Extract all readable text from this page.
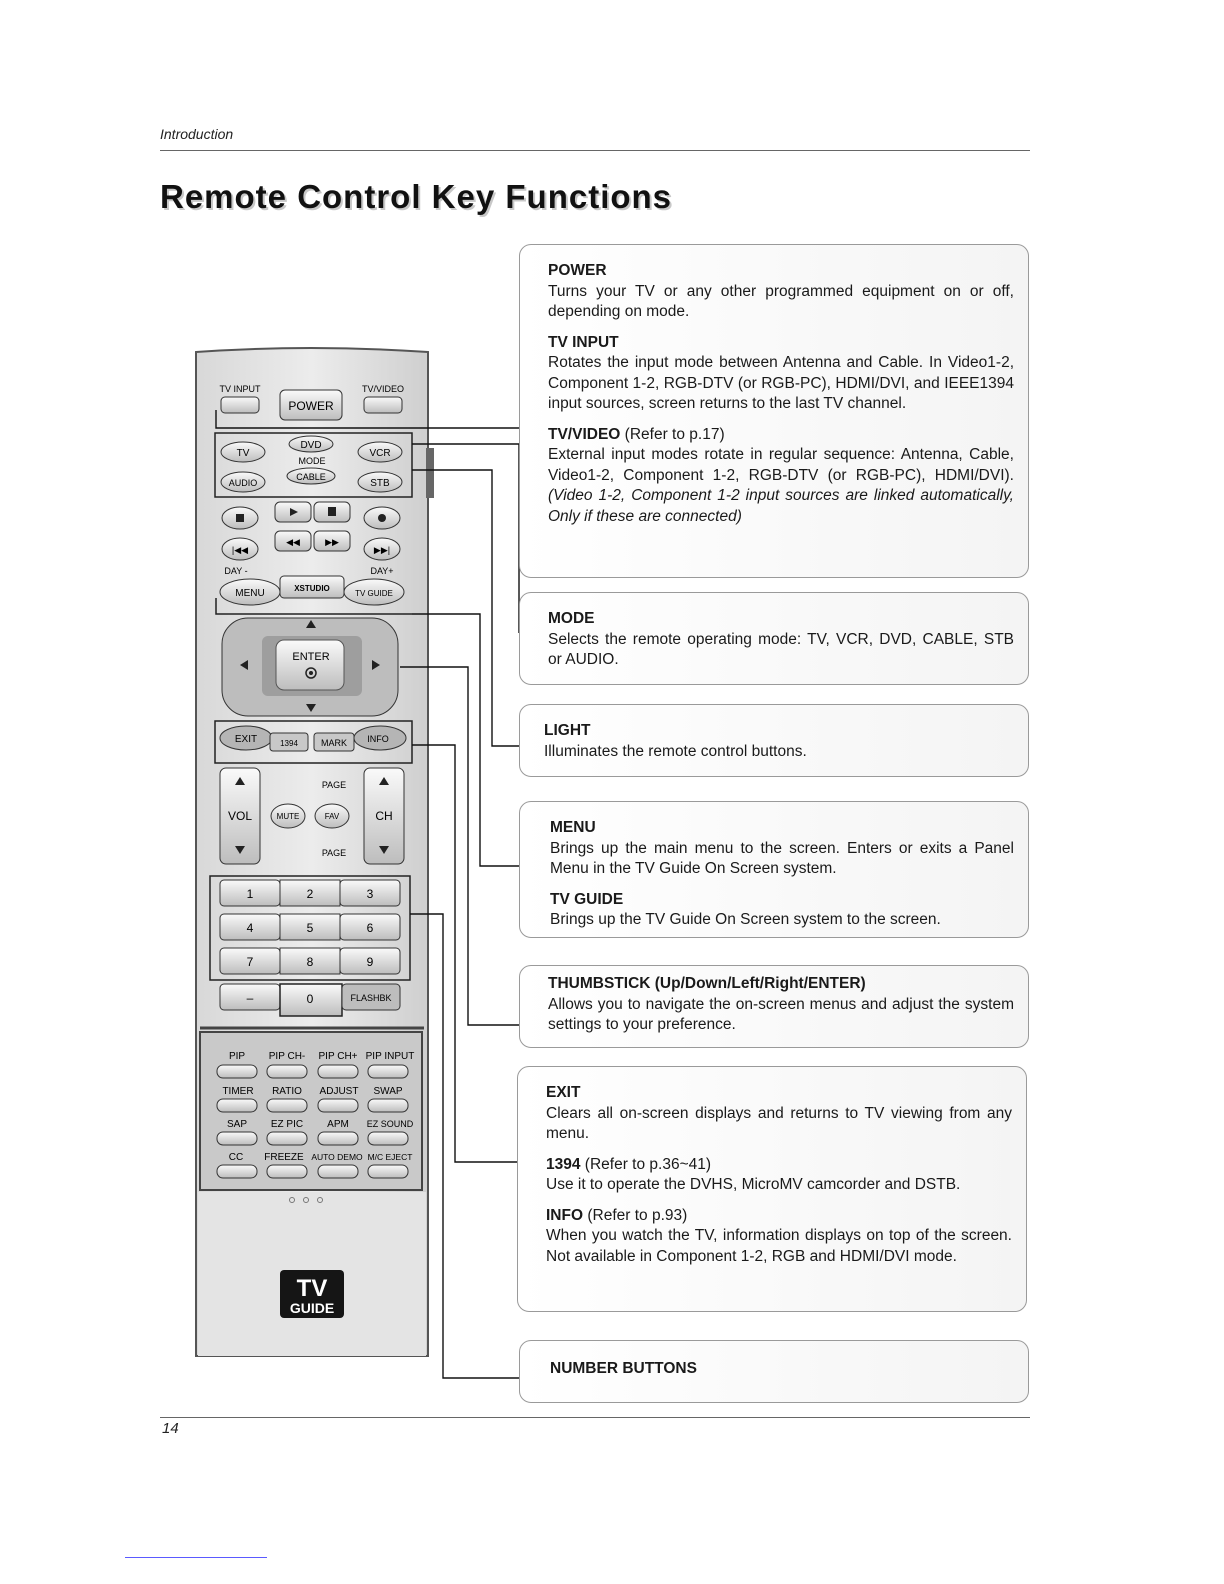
Introduction
Remote Control Key Functions
TV INPUT
POWER
TV/VIDEO
TV
DVD
VCR
MODE
AUDIO
CABLE
STB
|◀◀
◀◀	▶▶
▶▶|
DAY -	DAY+
MENU	XSTUDIO
TV GUIDE
ENTER
EXIT	1394	MARK INFO
VOL	CH
PAGE
PAGE
MUTE	FAV
1	2	3
4	5	6
7	8	9
–	0	FLASHBK
PIP PIP CH- PIP CH+ PIP INPUT
TIMER RATIO ADJUST SWAP
SAP EZ PIC APM EZ SOUND
CC FREEZE AUTO DEMO M/C EJECT
TV
GUIDE
POWER
Turns your TV or any other programmed equipment on or off, depending on mode.
TV INPUT
Rotates the input mode between Antenna and Cable. In Video1-2, Component 1-2, RGB-DTV (or RGB-PC), HDMI/DVI, and IEEE1394 input sources, screen returns to the last TV channel.
TV/VIDEO (Refer to p.17)
External input modes rotate in regular sequence: Antenna, Cable, Video1-2, Component 1-2, RGB-DTV (or RGB-PC), HDMI/DVI). (Video 1-2, Component 1-2 input sources are linked automatically, Only if these are connected)
MODE
Selects the remote operating mode: TV, VCR, DVD, CABLE, STB or AUDIO.
LIGHT
Illuminates the remote control buttons.
MENU
Brings up the main menu to the screen. Enters or exits a Panel Menu in the TV Guide On Screen system.
TV GUIDE
Brings up the TV Guide On Screen system to the screen.
THUMBSTICK (Up/Down/Left/Right/ENTER)
Allows you to navigate the on-screen menus and adjust the system settings to your preference.
EXIT
Clears all on-screen displays and returns to TV viewing from any menu.
1394 (Refer to p.36~41)
Use it to operate the DVHS, MicroMV camcorder and DSTB.
INFO (Refer to p.93)
When you watch the TV, information displays on top of the screen. Not available in Component 1-2, RGB and HDMI/DVI mode.
NUMBER BUTTONS
14
